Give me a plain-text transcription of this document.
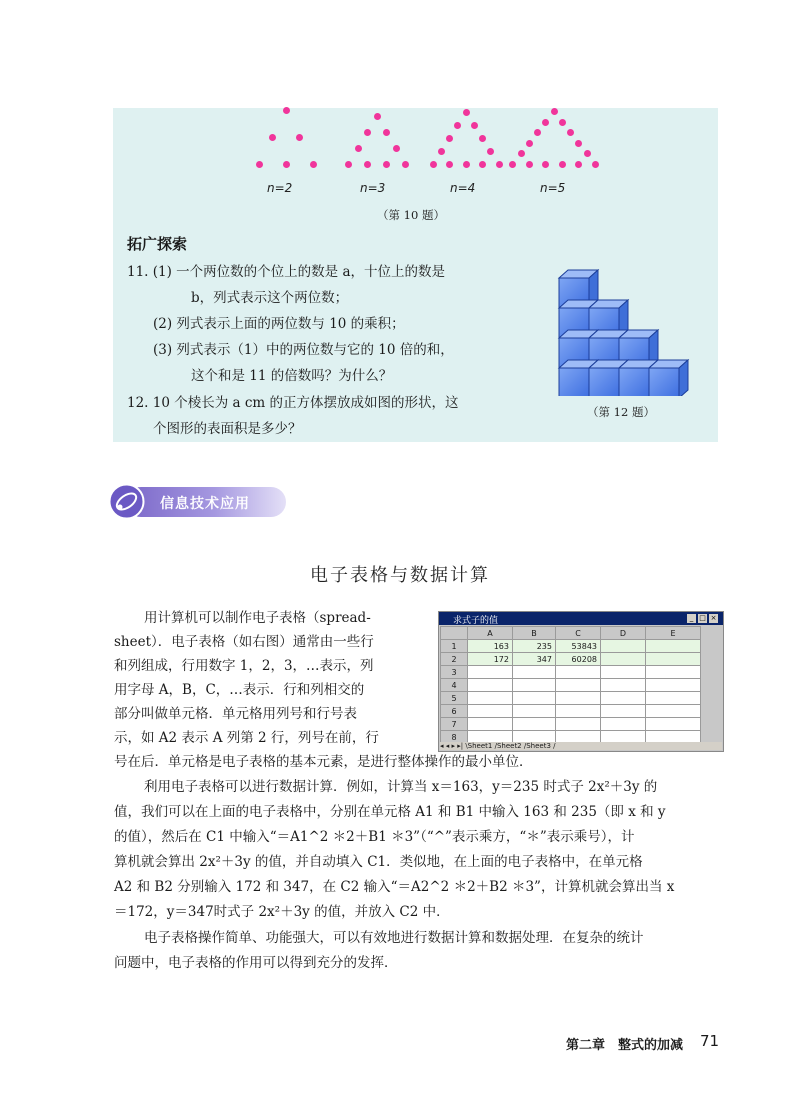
n=2	n=3	n=4	n=5
（第 10 题）
拓广探索
11. (1) 一个两位数的个位上的数是 a，十位上的数是
b，列式表示这个两位数；
(2) 列式表示上面的两位数与 10 的乘积；
(3) 列式表示（1）中的两位数与它的 10 倍的和，
这个和是 11 的倍数吗？为什么？
12. 10 个棱长为 a cm 的正方体摆放成如图的形状，这
个图形的表面积是多少？
（第 12 题）
信息技术应用
电子表格与数据计算
用计算机可以制作电子表格（spread-
sheet）．电子表格（如右图）通常由一些行
和列组成，行用数字 1，2，3，…表示，列
用字母 A，B，C，…表示．行和列相交的
部分叫做单元格．单元格用列号和行号表
示，如 A2 表示 A 列第 2 行，列号在前，行
号在后．单元格是电子表格的基本元素，是进行整体操作的最小单位．
利用电子表格可以进行数据计算．例如，计算当 x＝163，y＝235 时式子 2x²＋3y 的
值，我们可以在上面的电子表格中，分别在单元格 A1 和 B1 中输入 163 和 235（即 x 和 y
的值），然后在 C1 中输入“＝A1^2 ＊2＋B1 ＊3”（“^”表示乘方，“＊”表示乘号），计
算机就会算出 2x²＋3y 的值，并自动填入 C1．类似地，在上面的电子表格中，在单元格
A2 和 B2 分别输入 172 和 347，在 C2 输入“＝A2^2 ＊2＋B2 ＊3”，计算机就会算出当 x
＝172，y＝347时式子 2x²＋3y 的值，并放入 C2 中．
电子表格操作简单、功能强大，可以有效地进行数据计算和数据处理．在复杂的统计
问题中，电子表格的作用可以得到充分的发挥．
求式子的值	_ □ ×
	A	B	C	D	E
1	163	235	53843		
2	172	347	60208		
3					
4					
5					
6					
7					
8					
◂ ◂ ▸ ▸| \Sheet1 /Sheet2 /Sheet3 /
第二章　整式的加减 71
